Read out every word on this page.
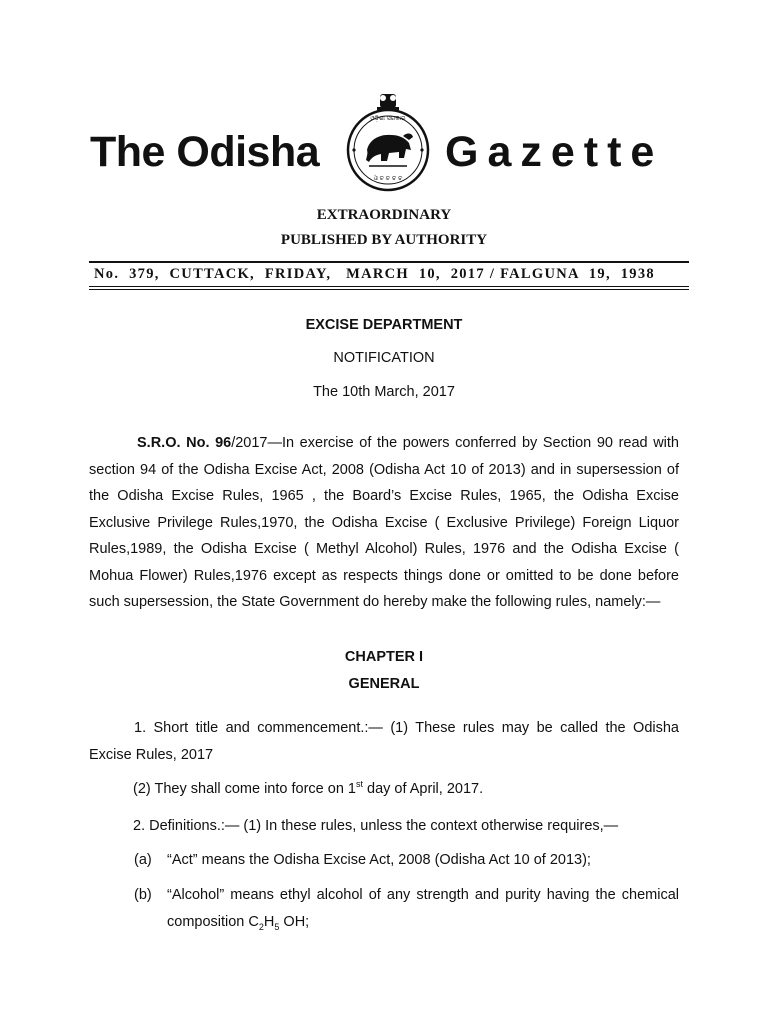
The Odisha
ଓଡ଼ିଶା ସରକାର
ଓଁ ଚ ଚ ଚ ଚ
Gazette
EXTRAORDINARY
PUBLISHED BY AUTHORITY
No.  379, CUTTACK, FRIDAY, MARCH  10,  2017 / FALGUNA  19,  1938
EXCISE DEPARTMENT
NOTIFICATION
The 10th March, 2017
S.R.O. No. 96/2017—In exercise of the powers conferred by Section 90 read with section 94 of the Odisha Excise Act, 2008 (Odisha Act 10 of 2013) and in supersession of the Odisha Excise Rules, 1965 , the Board’s Excise Rules, 1965, the Odisha Excise Exclusive Privilege Rules,1970, the Odisha Excise ( Exclusive Privilege) Foreign Liquor Rules,1989, the Odisha Excise ( Methyl Alcohol) Rules, 1976 and the Odisha Excise ( Mohua Flower) Rules,1976 except as respects things done or omitted to be done before such supersession, the State Government do hereby make the following rules, namely:—
CHAPTER I
GENERAL
1. Short title and commencement.:— (1) These rules may be called the Odisha Excise Rules, 2017
(2) They shall come into force on 1st day of April, 2017.
2. Definitions.:— (1) In these rules, unless the context otherwise requires,—
(a) “Act” means the Odisha Excise Act, 2008 (Odisha Act 10 of 2013);
(b) “Alcohol” means ethyl alcohol of any strength and purity having the chemical composition $C_2H_5$ OH;
